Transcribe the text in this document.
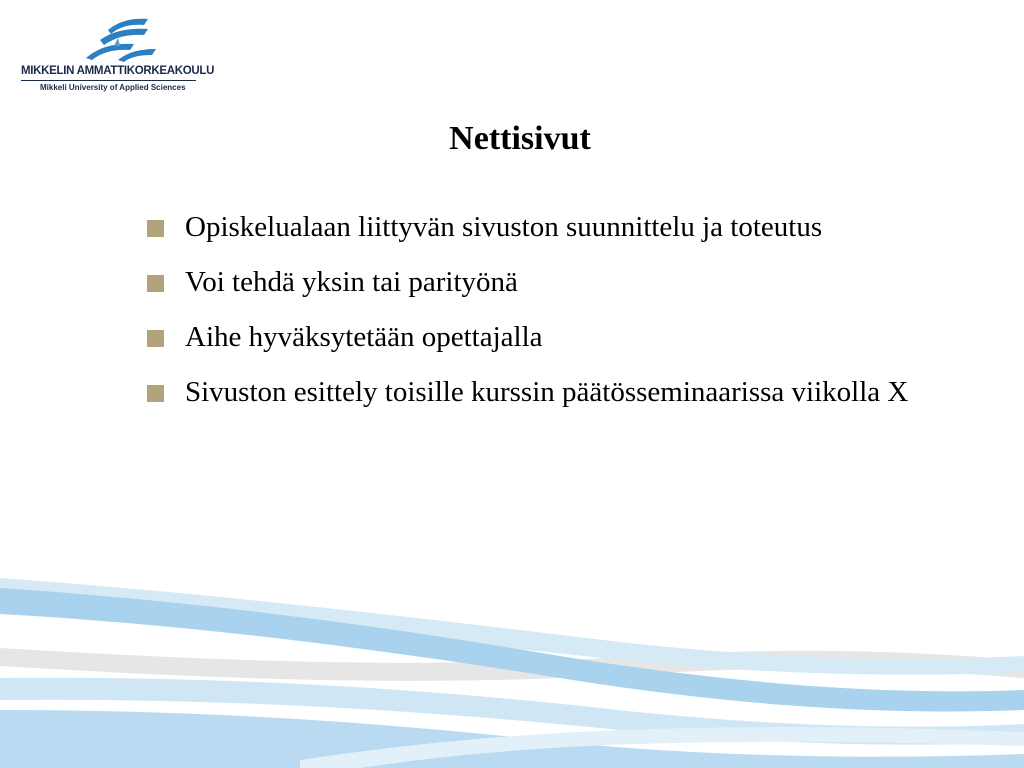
MIKKELIN AMMATTIKORKEAKOULU
Mikkeli University of Applied Sciences
Nettisivut
Opiskelualaan liittyvän sivuston suunnittelu ja toteutus
Voi tehdä yksin tai parityönä
Aihe hyväksytetään opettajalla
Sivuston esittely toisille kurssin päätösseminaarissa viikolla X
